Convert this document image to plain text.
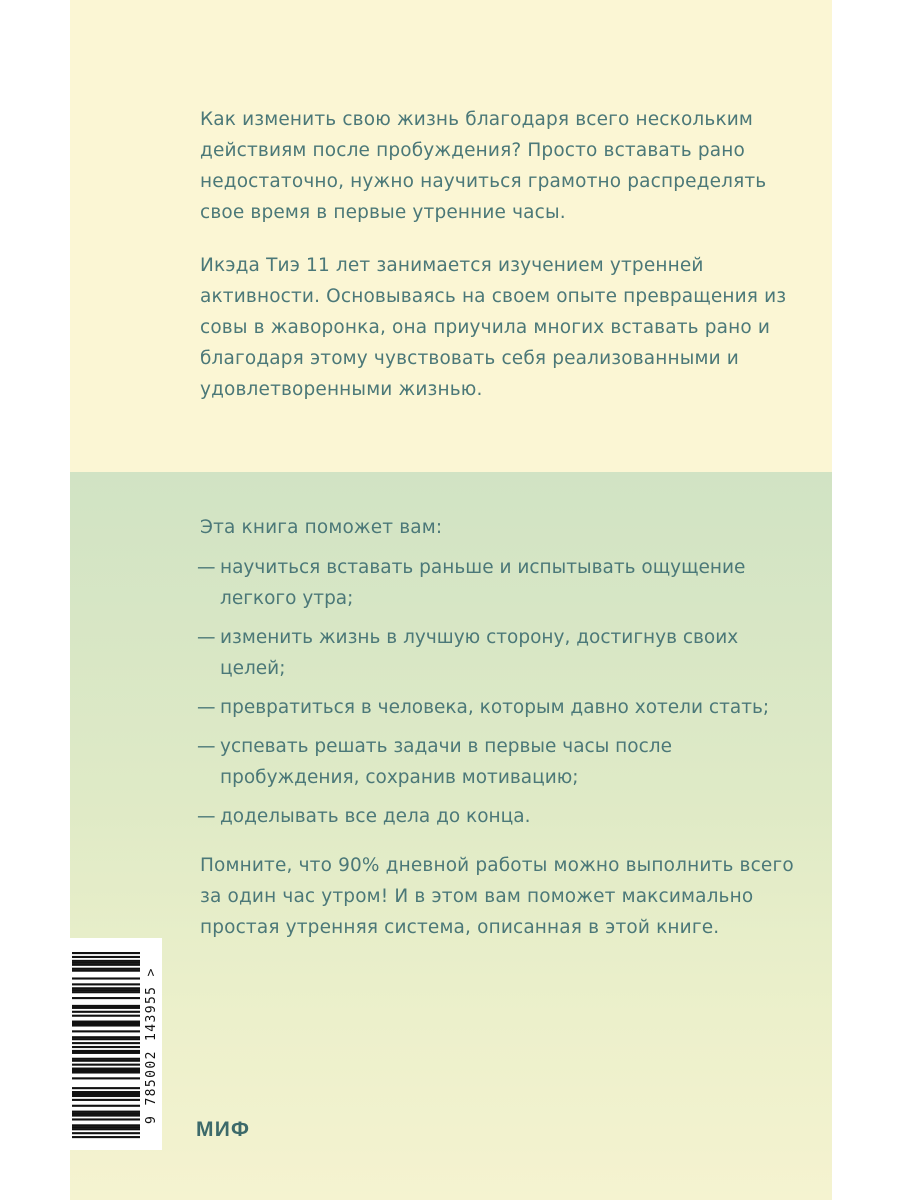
Как изменить свою жизнь благодаря всего нескольким действиям после пробуждения? Просто вставать рано недостаточно, нужно научиться грамотно распределять свое время в первые утренние часы.

Икэда Тиэ 11 лет занимается изучением утренней активности. Основываясь на своем опыте превращения из совы в жаворонка, она приучила многих вставать рано и благодаря этому чувствовать себя реализованными и удовлетворенными жизнью.

Эта книга поможет вам:

— научиться вставать раньше и испытывать ощущение легкого утра;
— изменить жизнь в лучшую сторону, достигнув своих целей;
— превратиться в человека, которым давно хотели стать;
— успевать решать задачи в первые часы после пробуждения, сохранив мотивацию;
— доделывать все дела до конца.

Помните, что 90% дневной работы можно выполнить всего за один час утром! И в этом вам поможет максимально простая утренняя система, описанная в этой книге.

9 785002 143955 >
МИФ
